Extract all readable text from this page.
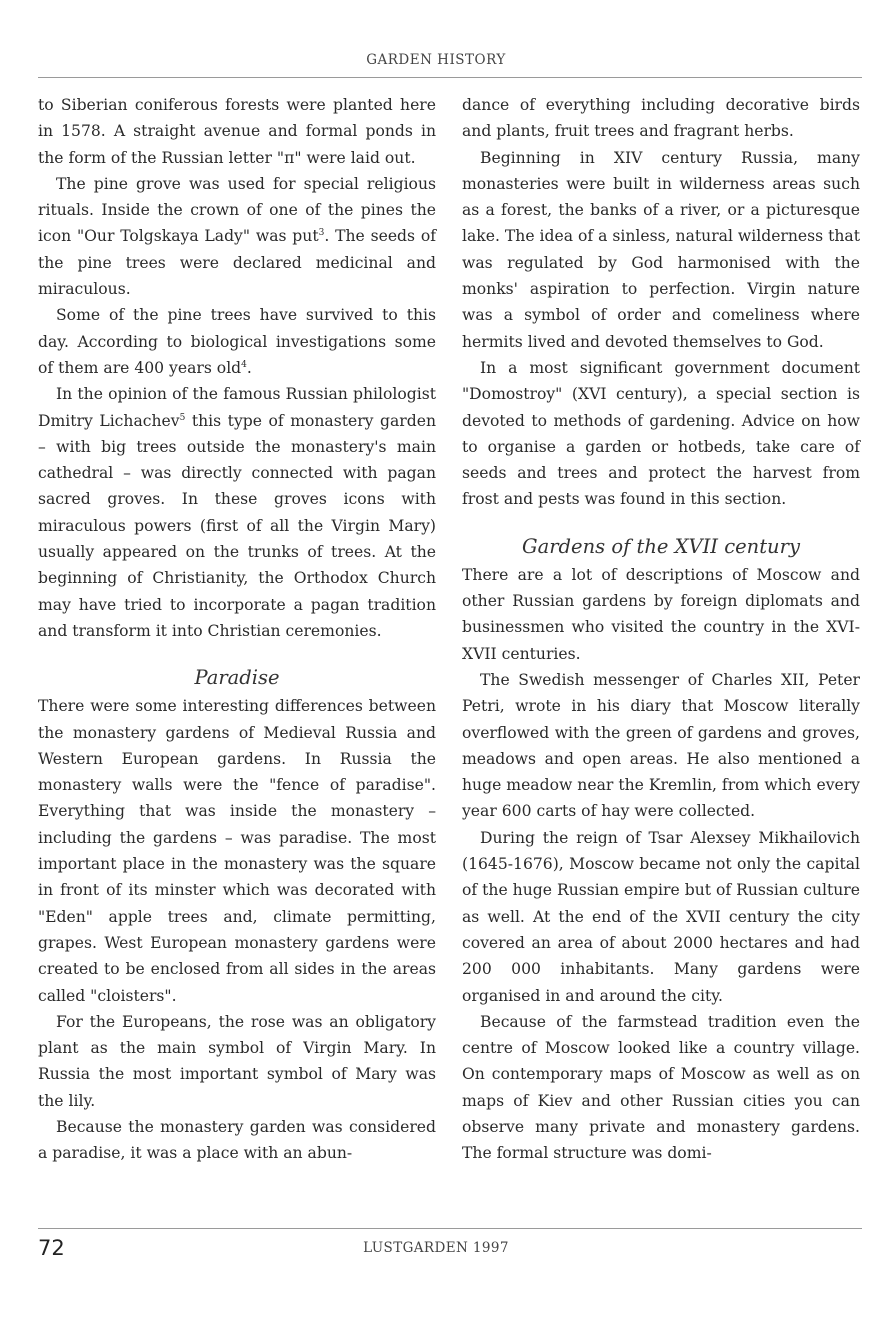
GARDEN HISTORY

to Siberian coniferous forests were planted here in 1578. A straight avenue and formal ponds in the form of the Russian letter "π" were laid out.

The pine grove was used for special religious rituals. Inside the crown of one of the pines the icon "Our Tolgskaya Lady" was put$^3$. The seeds of the pine trees were declared medicinal and miraculous.

Some of the pine trees have survived to this day. According to biological investigations some of them are 400 years old$^4$.

In the opinion of the famous Russian philologist Dmitry Lichachev$^5$ this type of monastery garden – with big trees outside the monastery's main cathedral – was directly connected with pagan sacred groves. In these groves icons with miraculous powers (first of all the Virgin Mary) usually appeared on the trunks of trees. At the beginning of Christianity, the Orthodox Church may have tried to incorporate a pagan tradition and transform it into Christian ceremonies.

Paradise

There were some interesting differences between the monastery gardens of Medieval Russia and Western European gardens. In Russia the monastery walls were the "fence of paradise". Everything that was inside the monastery – including the gardens – was paradise. The most important place in the monastery was the square in front of its minster which was decorated with "Eden" apple trees and, climate permitting, grapes. West European monastery gardens were created to be enclosed from all sides in the areas called "cloisters".

For the Europeans, the rose was an obligatory plant as the main symbol of Virgin Mary. In Russia the most important symbol of Mary was the lily.

Because the monastery garden was considered a paradise, it was a place with an abun-

dance of everything including decorative birds and plants, fruit trees and fragrant herbs.

Beginning in XIV century Russia, many monasteries were built in wilderness areas such as a forest, the banks of a river, or a picturesque lake. The idea of a sinless, natural wilderness that was regulated by God harmonised with the monks' aspiration to perfection. Virgin nature was a symbol of order and comeliness where hermits lived and devoted themselves to God.

In a most significant government document "Domostroy" (XVI century), a special section is devoted to methods of gardening. Advice on how to organise a garden or hotbeds, take care of seeds and trees and protect the harvest from frost and pests was found in this section.

Gardens of the XVII century

There are a lot of descriptions of Moscow and other Russian gardens by foreign diplomats and businessmen who visited the country in the XVI-XVII centuries.

The Swedish messenger of Charles XII, Peter Petri, wrote in his diary that Moscow literally overflowed with the green of gardens and groves, meadows and open areas. He also mentioned a huge meadow near the Kremlin, from which every year 600 carts of hay were collected.

During the reign of Tsar Alexsey Mikhailovich (1645-1676), Moscow became not only the capital of the huge Russian empire but of Russian culture as well. At the end of the XVII century the city covered an area of about 2000 hectares and had 200 000 inhabitants. Many gardens were organised in and around the city.

Because of the farmstead tradition even the centre of Moscow looked like a country village. On contemporary maps of Moscow as well as on maps of Kiev and other Russian cities you can observe many private and monastery gardens. The formal structure was domi-

72	LUSTGARDEN 1997
